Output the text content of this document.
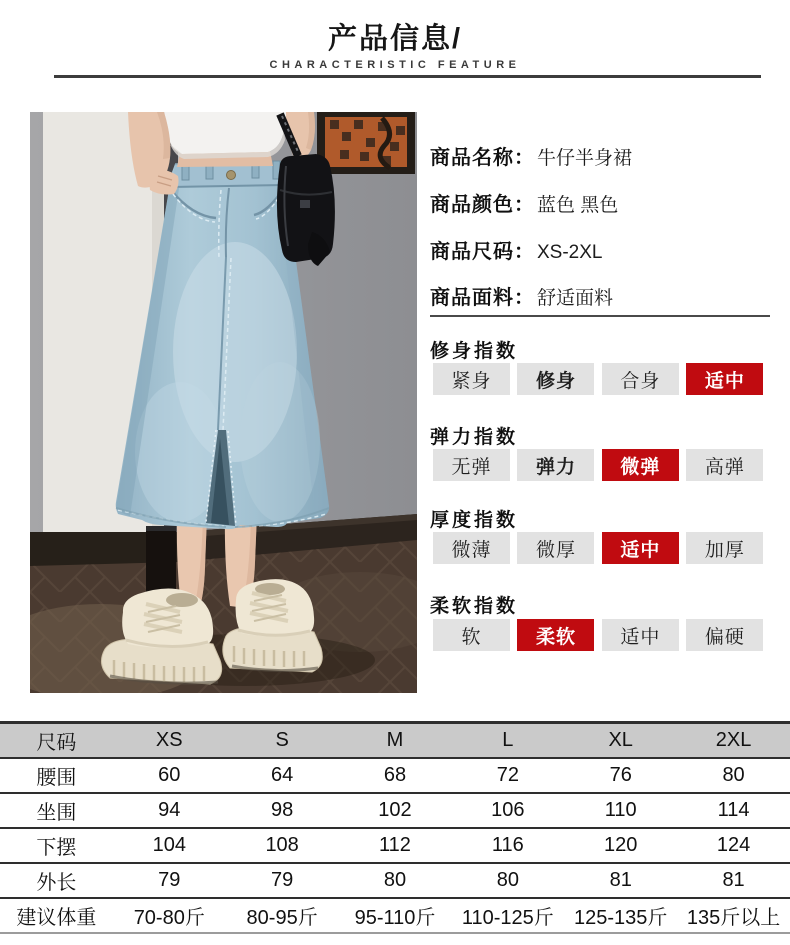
产品信息/
CHARACTERISTIC FEATURE
商品名称： 牛仔半身裙
商品颜色： 蓝色 黑色
商品尺码： XS-2XL
商品面料： 舒适面料
修身指数
紧身 修身 合身 适中
弹力指数
无弹 弹力 微弹 高弹
厚度指数
微薄 微厚 适中 加厚
柔软指数
软	柔软 适中 偏硬
尺码	XS	S	M	L	XL	2XL
腰围	60	64	68	72	76	80
坐围	94	98	102	106	110	114
下摆	104	108	112	116	120	124
外长	79	79	80	80	81	81
建议体重	70-80斤	80-95斤	95-110斤	110-125斤	125-135斤 135斤以上
